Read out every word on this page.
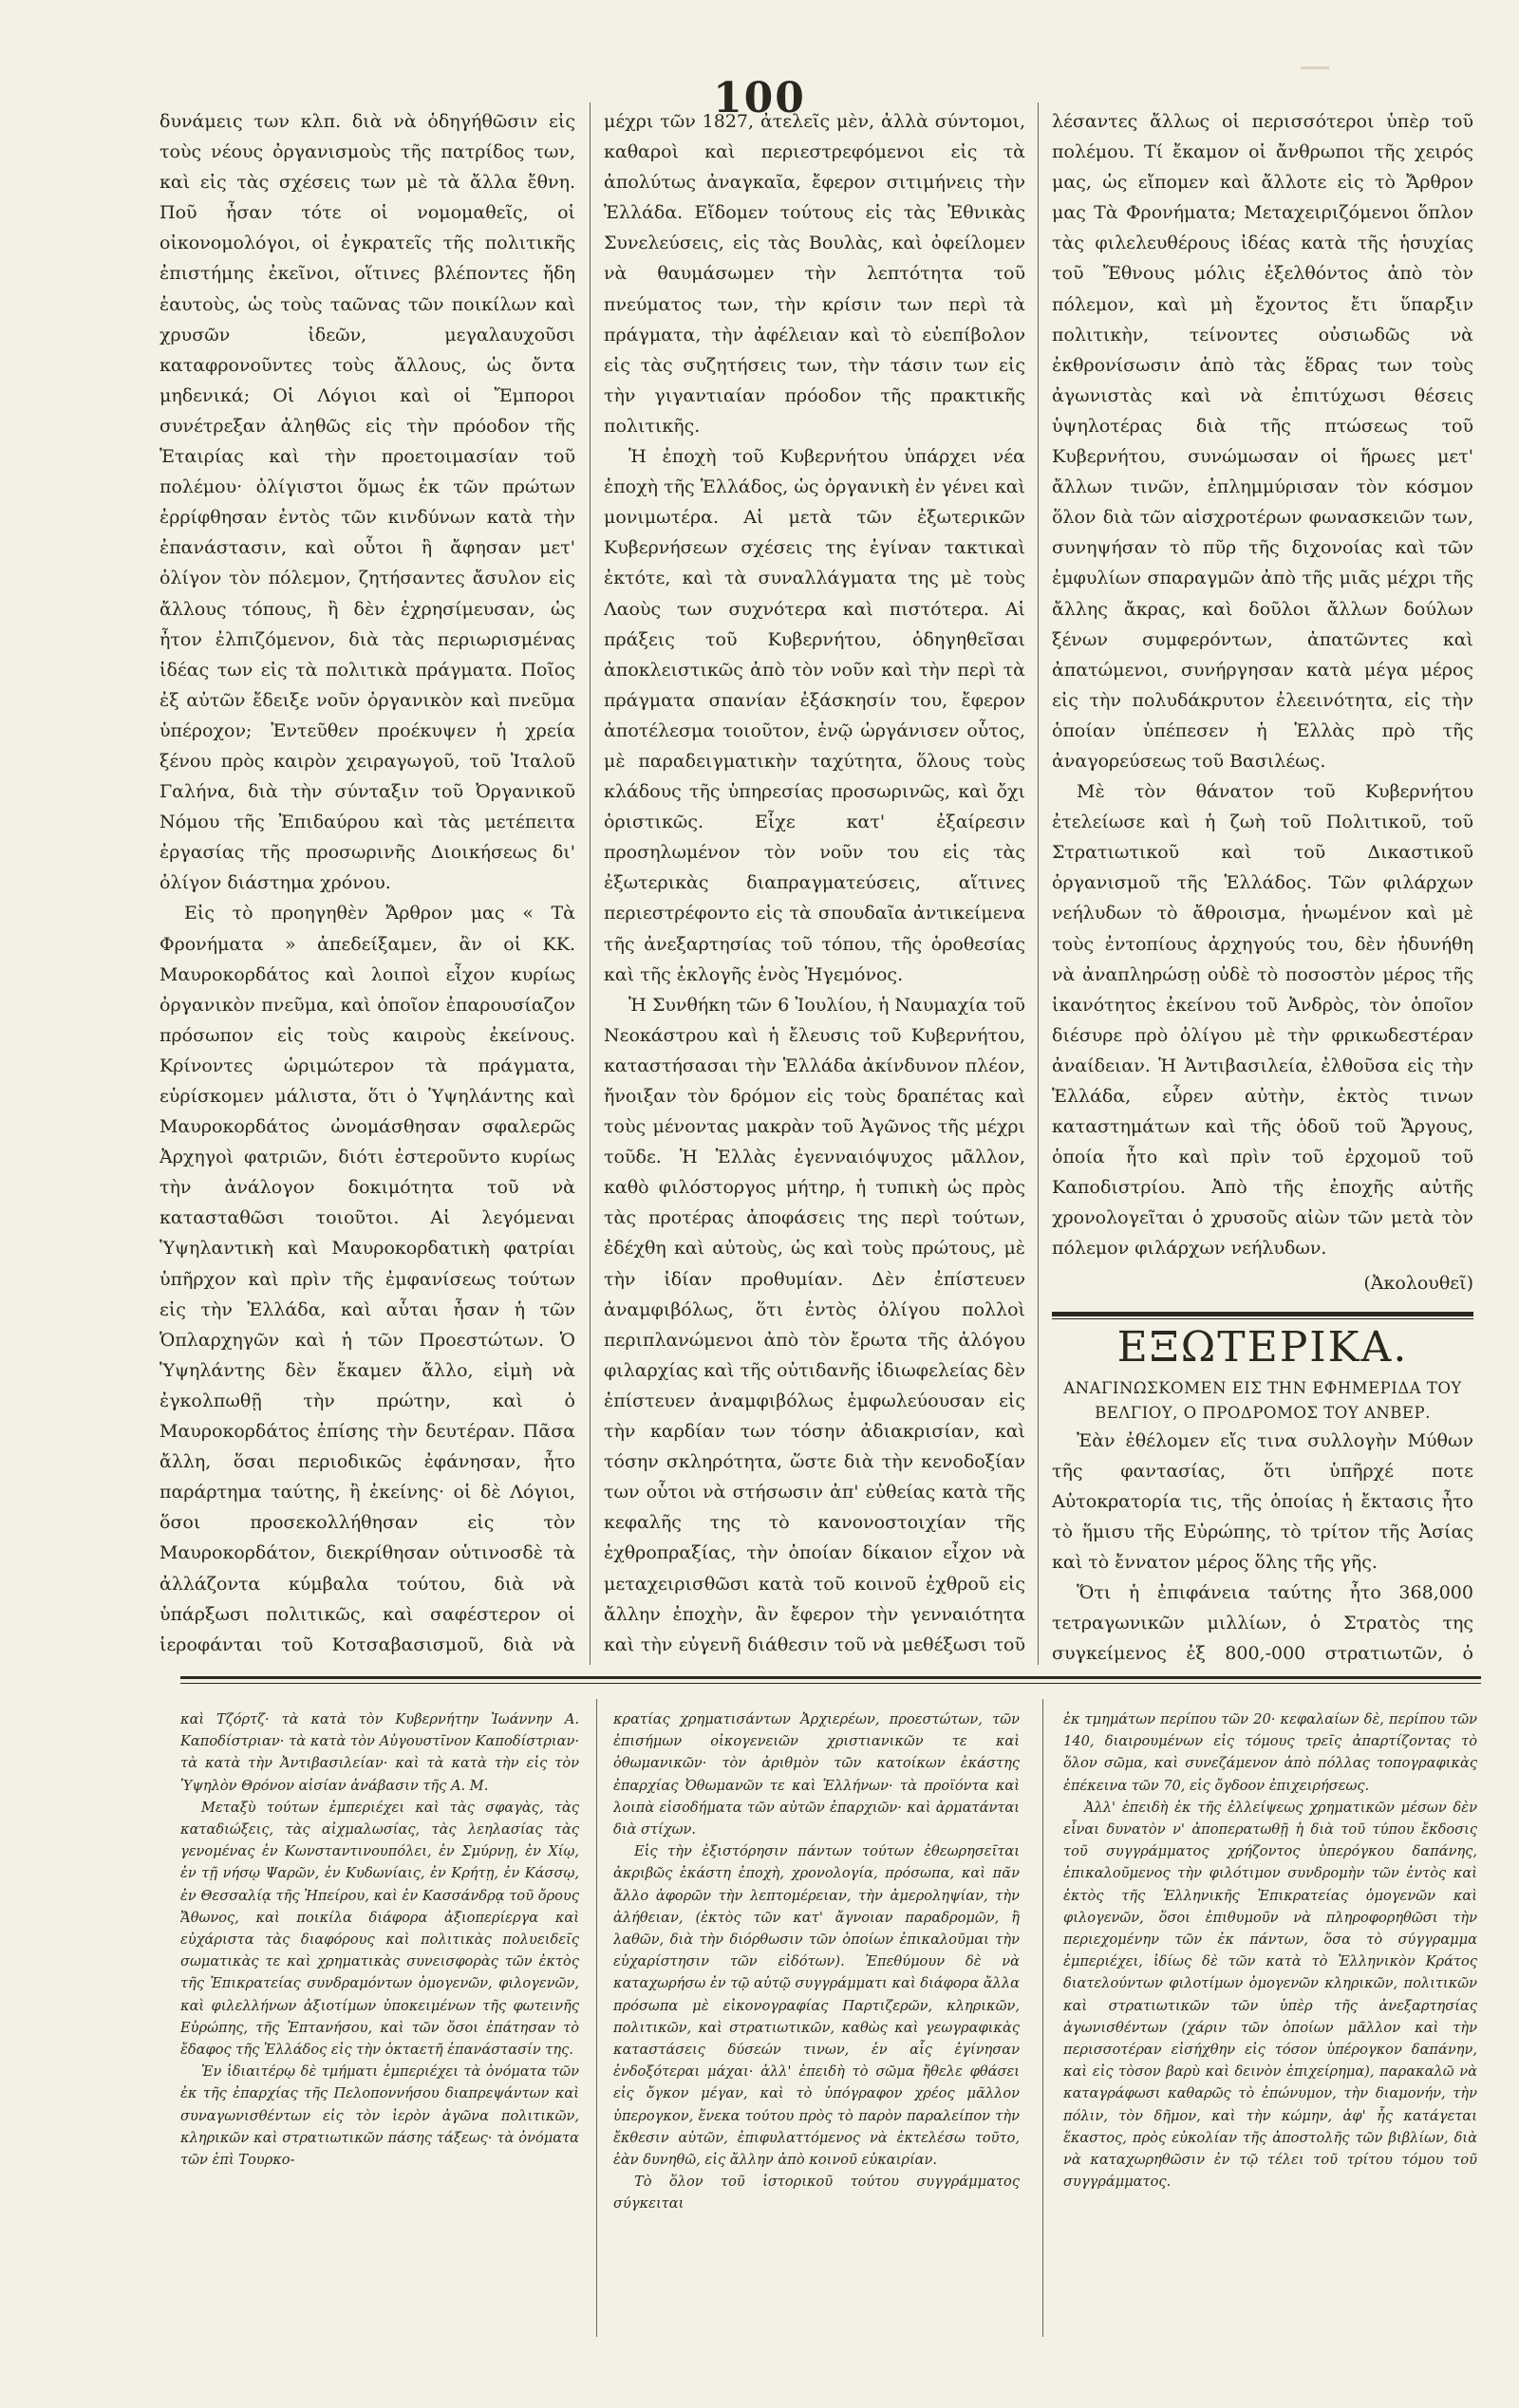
100

δυνάμεις των κλπ. διὰ νὰ ὁδηγήθῶσιν εἰς τοὺς νέους ὀργανισμοὺς τῆς πατρίδος των, καὶ εἰς τὰς σχέσεις των μὲ τὰ ἄλλα ἔθνη. Ποῦ ἦσαν τότε οἱ νομομαθεῖς, οἱ οἰκονομολόγοι, οἱ ἐγκρατεῖς τῆς πολιτικῆς ἐπιστήμης ἐκεῖνοι, οἵτινες βλέποντες ἤδη ἑαυτοὺς, ὡς τοὺς ταῶνας τῶν ποικίλων καὶ χρυσῶν ἰδεῶν, μεγαλαυχοῦσι καταφρονοῦντες τοὺς ἄλλους, ὡς ὄντα μηδενικά; Οἱ Λόγιοι καὶ οἱ Ἔμποροι συνέτρεξαν ἀληθῶς εἰς τὴν πρόοδον τῆς Ἑταιρίας καὶ τὴν προετοιμασίαν τοῦ πολέμου· ὀλίγιστοι ὅμως ἐκ τῶν πρώτων ἐρρίφθησαν ἐντὸς τῶν κινδύνων κατὰ τὴν ἐπανάστασιν, καὶ οὗτοι ἢ ἄφησαν μετ' ὀλίγον τὸν πόλεμον, ζητήσαντες ἄσυλον εἰς ἄλλους τόπους, ἢ δὲν ἐχρησίμευσαν, ὡς ἦτον ἐλπιζόμενον, διὰ τὰς περιωρισμένας ἰδέας των εἰς τὰ πολιτικὰ πράγματα. Ποῖος ἐξ αὐτῶν ἔδειξε νοῦν ὀργανικὸν καὶ πνεῦμα ὑπέροχον; Ἐντεῦθεν προέκυψεν ἡ χρεία ξένου πρὸς καιρὸν χειραγωγοῦ, τοῦ Ἰταλοῦ Γαλήνα, διὰ τὴν σύνταξιν τοῦ Ὀργανικοῦ Νόμου τῆς Ἐπιδαύρου καὶ τὰς μετέπειτα ἐργασίας τῆς προσωρινῆς Διοικήσεως δι' ὀλίγον διάστημα χρόνου.

Εἰς τὸ προηγηθὲν Ἄρθρον μας « Τὰ Φρονήματα » ἀπεδείξαμεν, ἂν οἱ ΚΚ. Μαυροκορδάτος καὶ λοιποὶ εἶχον κυρίως ὀργανικὸν πνεῦμα, καὶ ὁποῖον ἐπαρουσίαζον πρόσωπον εἰς τοὺς καιροὺς ἐκείνους. Κρίνοντες ὡριμώτερον τὰ πράγματα, εὑρίσκομεν μάλιστα, ὅτι ὁ Ὑψηλάντης καὶ Μαυροκορδάτος ὠνομάσθησαν σφαλερῶς Ἀρχηγοὶ φατριῶν, διότι ἐστεροῦντο κυρίως τὴν ἀνάλογον δοκιμότητα τοῦ νὰ κατασταθῶσι τοιοῦτοι. Αἱ λεγόμεναι Ὑψηλαντικὴ καὶ Μαυροκορδατικὴ φατρίαι ὑπῆρχον καὶ πρὶν τῆς ἐμφανίσεως τούτων εἰς τὴν Ἑλλάδα, καὶ αὗται ἦσαν ἡ τῶν Ὁπλαρχηγῶν καὶ ἡ τῶν Προεστώτων. Ὁ Ὑψηλάντης δὲν ἔκαμεν ἄλλο, εἰμὴ νὰ ἐγκολπωθῇ τὴν πρώτην, καὶ ὁ Μαυροκορδάτος ἐπίσης τὴν δευτέραν. Πᾶσα ἄλλη, ὅσαι περιοδικῶς ἐφάνησαν, ἦτο παράρτημα ταύτης, ἢ ἐκείνης· οἱ δὲ Λόγιοι, ὅσοι προσεκολλήθησαν εἰς τὸν Μαυροκορδάτον, διεκρίθησαν οὑτινοσδὲ τὰ ἀλλάζοντα κύμβαλα τούτου, διὰ νὰ ὑπάρξωσι πολιτικῶς, καὶ σαφέστερον οἱ ἱεροφάνται τοῦ Κοτσαβασισμοῦ, διὰ νὰ

μέχρι τῶν 1827, ἀτελεῖς μὲν, ἀλλὰ σύντομοι, καθαροὶ καὶ περιεστρεφόμενοι εἰς τὰ ἀπολύτως ἀναγκαῖα, ἔφερον σιτιμήνεις τὴν Ἑλλάδα. Εἴδομεν τούτους εἰς τὰς Ἐθνικὰς Συνελεύσεις, εἰς τὰς Βουλὰς, καὶ ὀφείλομεν νὰ θαυμάσωμεν τὴν λεπτότητα τοῦ πνεύματος των, τὴν κρίσιν των περὶ τὰ πράγματα, τὴν ἀφέλειαν καὶ τὸ εὐεπίβολον εἰς τὰς συζητήσεις των, τὴν τάσιν των εἰς τὴν γιγαντιαίαν πρόοδον τῆς πρακτικῆς πολιτικῆς.

Ἡ ἐποχὴ τοῦ Κυβερνήτου ὑπάρχει νέα ἐποχὴ τῆς Ἑλλάδος, ὡς ὀργανικὴ ἐν γένει καὶ μονιμωτέρα. Αἱ μετὰ τῶν ἐξωτερικῶν Κυβερνήσεων σχέσεις της ἐγίναν τακτικαὶ ἐκτότε, καὶ τὰ συναλλάγματα της μὲ τοὺς Λαοὺς των συχνότερα καὶ πιστότερα. Αἱ πράξεις τοῦ Κυβερνήτου, ὁδηγηθεῖσαι ἀποκλειστικῶς ἀπὸ τὸν νοῦν καὶ τὴν περὶ τὰ πράγματα σπανίαν ἐξάσκησίν του, ἔφερον ἀποτέλεσμα τοιοῦτον, ἐνῷ ὡργάνισεν οὗτος, μὲ παραδειγματικὴν ταχύτητα, ὅλους τοὺς κλάδους τῆς ὑπηρεσίας προσωρινῶς, καὶ ὄχι ὁριστικῶς. Εἶχε κατ' ἐξαίρεσιν προσηλωμένον τὸν νοῦν του εἰς τὰς ἐξωτερικὰς διαπραγματεύσεις, αἵτινες περιεστρέφοντο εἰς τὰ σπουδαῖα ἀντικείμενα τῆς ἀνεξαρτησίας τοῦ τόπου, τῆς ὁροθεσίας καὶ τῆς ἐκλογῆς ἑνὸς Ἡγεμόνος.

Ἡ Συνθήκη τῶν 6 Ἰουλίου, ἡ Ναυμαχία τοῦ Νεοκάστρου καὶ ἡ ἔλευσις τοῦ Κυβερνήτου, καταστήσασαι τὴν Ἑλλάδα ἀκίνδυνον πλέον, ἤνοιξαν τὸν δρόμον εἰς τοὺς δραπέτας καὶ τοὺς μένοντας μακρὰν τοῦ Ἀγῶνος τῆς μέχρι τοῦδε. Ἡ Ἑλλὰς ἐγενναιόψυχος μᾶλλον, καθὸ φιλόστοργος μήτηρ, ἡ τυπικὴ ὡς πρὸς τὰς προτέρας ἀποφάσεις της περὶ τούτων, ἐδέχθη καὶ αὐτοὺς, ὡς καὶ τοὺς πρώτους, μὲ τὴν ἰδίαν προθυμίαν. Δὲν ἐπίστευεν ἀναμφιβόλως, ὅτι ἐντὸς ὀλίγου πολλοὶ περιπλανώμενοι ἀπὸ τὸν ἔρωτα τῆς ἀλόγου φιλαρχίας καὶ τῆς οὐτιδανῆς ἰδιωφελείας δὲν ἐπίστευεν ἀναμφιβόλως ἐμφωλεύουσαν εἰς τὴν καρδίαν των τόσην ἀδιακρισίαν, καὶ τόσην σκληρότητα, ὥστε διὰ τὴν κενοδοξίαν των οὗτοι νὰ στήσωσιν ἀπ' εὐθείας κατὰ τῆς κεφαλῆς της τὸ κανονοστοιχίαν τῆς ἐχθροπραξίας, τὴν ὁποίαν δίκαιον εἶχον νὰ μεταχειρισθῶσι κατὰ τοῦ κοινοῦ ἐχθροῦ εἰς ἄλλην ἐποχὴν, ἂν ἔφερον τὴν γενναιότητα καὶ τὴν εὐγενῆ διάθεσιν τοῦ νὰ μεθέξωσι τοῦ

λέσαντες ἄλλως οἱ περισσότεροι ὑπὲρ τοῦ πολέμου. Τί ἔκαμον οἱ ἄνθρωποι τῆς χειρός μας, ὡς εἴπομεν καὶ ἄλλοτε εἰς τὸ Ἄρθρον μας Τὰ Φρονήματα; Μεταχειριζόμενοι ὅπλον τὰς φιλελευθέρους ἰδέας κατὰ τῆς ἡσυχίας τοῦ Ἔθνους μόλις ἐξελθόντος ἀπὸ τὸν πόλεμον, καὶ μὴ ἔχοντος ἔτι ὕπαρξιν πολιτικὴν, τείνοντες οὐσιωδῶς νὰ ἐκθρονίσωσιν ἀπὸ τὰς ἕδρας των τοὺς ἀγωνιστὰς καὶ νὰ ἐπιτύχωσι θέσεις ὑψηλοτέρας διὰ τῆς πτώσεως τοῦ Κυβερνήτου, συνώμωσαν οἱ ἥρωες μετ' ἄλλων τινῶν, ἐπλημμύρισαν τὸν κόσμον ὅλον διὰ τῶν αἰσχροτέρων φωνασκειῶν των, συνηψήσαν τὸ πῦρ τῆς διχονοίας καὶ τῶν ἐμφυλίων σπαραγμῶν ἀπὸ τῆς μιᾶς μέχρι τῆς ἄλλης ἄκρας, καὶ δοῦλοι ἄλλων δούλων ξένων συμφερόντων, ἀπατῶντες καὶ ἀπατώμενοι, συνήργησαν κατὰ μέγα μέρος εἰς τὴν πολυδάκρυτον ἐλεεινότητα, εἰς τὴν ὁποίαν ὑπέπεσεν ἡ Ἑλλὰς πρὸ τῆς ἀναγορεύσεως τοῦ Βασιλέως.

Μὲ τὸν θάνατον τοῦ Κυβερνήτου ἐτελείωσε καὶ ἡ ζωὴ τοῦ Πολιτικοῦ, τοῦ Στρατιωτικοῦ καὶ τοῦ Δικαστικοῦ ὀργανισμοῦ τῆς Ἑλλάδος. Τῶν φιλάρχων νεήλυδων τὸ ἄθροισμα, ἡνωμένον καὶ μὲ τοὺς ἐντοπίους ἀρχηγούς του, δὲν ἠδυνήθη νὰ ἀναπληρώσῃ οὐδὲ τὸ ποσοστὸν μέρος τῆς ἱκανότητος ἐκείνου τοῦ Ἀνδρὸς, τὸν ὁποῖον διέσυρε πρὸ ὀλίγου μὲ τὴν φρικωδεστέραν ἀναίδειαν. Ἡ Ἀντιβασιλεία, ἐλθοῦσα εἰς τὴν Ἑλλάδα, εὗρεν αὐτὴν, ἐκτὸς τινων καταστημάτων καὶ τῆς ὁδοῦ τοῦ Ἄργους, ὁποία ἦτο καὶ πρὶν τοῦ ἐρχομοῦ τοῦ Καποδιστρίου. Ἀπὸ τῆς ἐποχῆς αὐτῆς χρονολογεῖται ὁ χρυσοῦς αἰὼν τῶν μετὰ τὸν πόλεμον φιλάρχων νεήλυδων.

(Ἀκολουθεῖ)

ΕΞΩΤΕΡΙΚΑ.

ΑΝΑΓΙΝΩΣΚΟΜΕΝ ΕΙΣ ΤΗΝ ΕΦΗΜΕΡΙΔΑ ΤΟΥ ΒΕΛΓΙΟΥ, Ο ΠΡΟΔΡΟΜΟΣ ΤΟΥ ΑΝΒΕΡ.

Ἐὰν ἐθέλομεν εἴς τινα συλλογὴν Μύθων τῆς φαντασίας, ὅτι ὑπῆρχέ ποτε Αὐτοκρατορία τις, τῆς ὁποίας ἡ ἔκτασις ἦτο τὸ ἥμισυ τῆς Εὐρώπης, τὸ τρίτον τῆς Ἀσίας καὶ τὸ ἔννατον μέρος ὅλης τῆς γῆς.

Ὅτι ἡ ἐπιφάνεια ταύτης ἦτο 368,000 τετραγωνικῶν μιλλίων, ὁ Στρατὸς της συγκείμενος ἐξ 800,-000 στρατιωτῶν, ὁ

καὶ Τζόρτζ· τὰ κατὰ τὸν Κυβερνήτην Ἰωάννην Α. Καποδίστριαν· τὰ κατὰ τὸν Αὐγουστῖνον Καποδίστριαν· τὰ κατὰ τὴν Ἀντιβασιλείαν· καὶ τὰ κατὰ τὴν εἰς τὸν Ὑψηλὸν Θρόνον αἰσίαν ἀνάβασιν τῆς Α. Μ.

Μεταξὺ τούτων ἐμπεριέχει καὶ τὰς σφαγὰς, τὰς καταδιώξεις, τὰς αἰχμαλωσίας, τὰς λεηλασίας τὰς γενομένας ἐν Κωνσταντινουπόλει, ἐν Σμύρνῃ, ἐν Χίῳ, ἐν τῇ νήσῳ Ψαρῶν, ἐν Κυδωνίαις, ἐν Κρήτῃ, ἐν Κάσσῳ, ἐν Θεσσαλίᾳ τῆς Ἠπείρου, καὶ ἐν Κασσάνδρᾳ τοῦ ὄρους Ἄθωνος, καὶ ποικίλα διάφορα ἀξιοπερίεργα καὶ εὐχάριστα τὰς διαφόρους καὶ πολιτικὰς πολυειδεῖς σωματικὰς τε καὶ χρηματικὰς συνεισφορὰς τῶν ἐκτὸς τῆς Ἑπικρατείας συνδραμόντων ὁμογενῶν, φιλογενῶν, καὶ φιλελλήνων ἀξιοτίμων ὑποκειμένων τῆς φωτεινῆς Εὐρώπης, τῆς Ἑπτανήσου, καὶ τῶν ὅσοι ἐπάτησαν τὸ ἔδαφος τῆς Ἑλλάδος εἰς τὴν ὀκταετῆ ἐπανάστασίν της.

Ἐν ἰδιαιτέρῳ δὲ τμήματι ἐμπεριέχει τὰ ὀνόματα τῶν ἐκ τῆς ἐπαρχίας τῆς Πελοποννήσου διαπρεψάντων καὶ συναγωνισθέντων εἰς τὸν ἱερὸν ἀγῶνα πολιτικῶν, κληρικῶν καὶ στρατιωτικῶν πάσης τάξεως· τὰ ὀνόματα τῶν ἐπὶ Τουρκο-

κρατίας χρηματισάντων Ἀρχιερέων, προεστώτων, τῶν ἐπισήμων οἰκογενειῶν χριστιανικῶν τε καὶ ὀθωμανικῶν· τὸν ἀριθμὸν τῶν κατοίκων ἑκάστης ἐπαρχίας Ὀθωμανῶν τε καὶ Ἑλλήνων· τὰ προϊόντα καὶ λοιπὰ εἰσοδήματα τῶν αὐτῶν ἐπαρχιῶν· καὶ ἀρματάνται διὰ στίχων.

Εἰς τὴν ἐξιστόρησιν πάντων τούτων ἐθεωρησεῖται ἀκριβῶς ἑκάστη ἐποχὴ, χρονολογία, πρόσωπα, καὶ πᾶν ἄλλο ἀφορῶν τὴν λεπτομέρειαν, τὴν ἀμεροληψίαν, τὴν ἀλήθειαν, (ἐκτὸς τῶν κατ' ἄγνοιαν παραδρομῶν, ἢ λαθῶν, διὰ τὴν διόρθωσιν τῶν ὁποίων ἐπικαλοῦμαι τὴν εὐχαρίστησιν τῶν εἰδότων). Ἐπεθύμουν δὲ νὰ καταχωρήσω ἐν τῷ αὐτῷ συγγράμματι καὶ διάφορα ἄλλα πρόσωπα μὲ εἰκονογραφίας Παρτιζερῶν, κληρικῶν, πολιτικῶν, καὶ στρατιωτικῶν, καθὼς καὶ γεωγραφικὰς καταστάσεις δύσεών τινων, ἐν αἷς ἐγίνησαν ἐνδοξότεραι μάχαι· ἀλλ' ἐπειδὴ τὸ σῶμα ἤθελε φθάσει εἰς ὄγκον μέγαν, καὶ τὸ ὑπόγραφον χρέος μᾶλλον ὑπερογκον, ἕνεκα τούτου πρὸς τὸ παρὸν παραλείπον τὴν ἔκθεσιν αὐτῶν, ἐπιφυλαττόμενος νὰ ἐκτελέσω τοῦτο, ἐὰν δυνηθῶ, εἰς ἄλλην ἀπὸ κοινοῦ εὐκαιρίαν.

Τὸ ὅλον τοῦ ἱστορικοῦ τούτου συγγράμματος σύγκειται

ἐκ τμημάτων περίπου τῶν 20· κεφαλαίων δὲ, περίπου τῶν 140, διαιρουμένων εἰς τόμους τρεῖς ἀπαρτίζοντας τὸ ὅλον σῶμα, καὶ συνεζάμενον ἀπὸ πόλλας τοπογραφικὰς ἐπέκεινα τῶν 70, εἰς ὄγδοον ἐπιχειρήσεως.

Ἀλλ' ἐπειδὴ ἐκ τῆς ἐλλείψεως χρηματικῶν μέσων δὲν εἶναι δυνατὸν ν' ἀποπερατωθῇ ἡ διὰ τοῦ τύπου ἔκδοσις τοῦ συγγράμματος χρήζοντος ὑπερόγκου δαπάνης, ἐπικαλοῦμενος τὴν φιλότιμον συνδρομὴν τῶν ἐντὸς καὶ ἐκτὸς τῆς Ἑλληνικῆς Ἐπικρατείας ὁμογενῶν καὶ φιλογενῶν, ὅσοι ἐπιθυμοῦν νὰ πληροφορηθῶσι τὴν περιεχομένην τῶν ἐκ πάντων, ὅσα τὸ σύγγραμμα ἐμπεριέχει, ἰδίως δὲ τῶν κατὰ τὸ Ἑλληνικὸν Κράτος διατελούντων φιλοτίμων ὁμογενῶν κληρικῶν, πολιτικῶν καὶ στρατιωτικῶν τῶν ὑπὲρ τῆς ἀνεξαρτησίας ἀγωνισθέντων (χάριν τῶν ὁποίων μᾶλλον καὶ τὴν περισσοτέραν εἰσήχθην εἰς τόσον ὑπέρογκον δαπάνην, καὶ εἰς τὸσον βαρὺ καὶ δεινὸν ἐπιχείρημα), παρακαλῶ νὰ καταγράφωσι καθαρῶς τὸ ἐπώνυμον, τὴν διαμονήν, τὴν πόλιν, τὸν δῆμον, καὶ τὴν κώμην, ἀφ' ἧς κατάγεται ἕκαστος, πρὸς εὐκολίαν τῆς ἀποστολῆς τῶν βιβλίων, διὰ νὰ καταχωρηθῶσιν ἐν τῷ τέλει τοῦ τρίτου τόμου τοῦ συγγράμματος.
